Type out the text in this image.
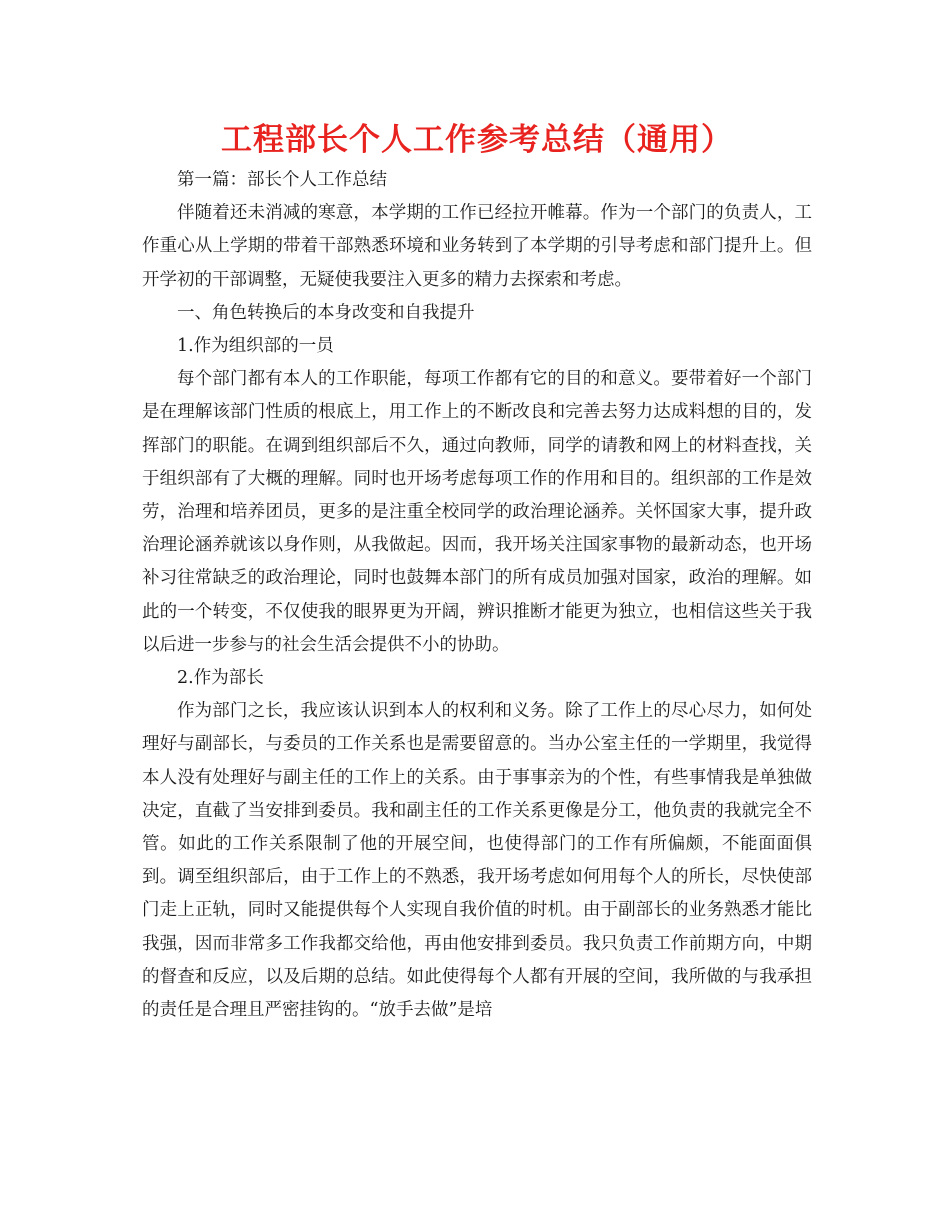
工程部长个人工作参考总结（通用）

第一篇：部长个人工作总结

伴随着还未消减的寒意，本学期的工作已经拉开帷幕。作为一个部门的负责人，工作重心从上学期的带着干部熟悉环境和业务转到了本学期的引导考虑和部门提升上。但开学初的干部调整，无疑使我要注入更多的精力去探索和考虑。

一、角色转换后的本身改变和自我提升

1.作为组织部的一员

每个部门都有本人的工作职能，每项工作都有它的目的和意义。要带着好一个部门是在理解该部门性质的根底上，用工作上的不断改良和完善去努力达成料想的目的，发挥部门的职能。在调到组织部后不久，通过向教师，同学的请教和网上的材料查找，关于组织部有了大概的理解。同时也开场考虑每项工作的作用和目的。组织部的工作是效劳，治理和培养团员，更多的是注重全校同学的政治理论涵养。关怀国家大事，提升政治理论涵养就该以身作则，从我做起。因而，我开场关注国家事物的最新动态，也开场补习往常缺乏的政治理论，同时也鼓舞本部门的所有成员加强对国家，政治的理解。如此的一个转变，不仅使我的眼界更为开阔，辨识推断才能更为独立，也相信这些关于我以后进一步参与的社会生活会提供不小的协助。

2.作为部长

作为部门之长，我应该认识到本人的权利和义务。除了工作上的尽心尽力，如何处理好与副部长，与委员的工作关系也是需要留意的。当办公室主任的一学期里，我觉得本人没有处理好与副主任的工作上的关系。由于事事亲为的个性，有些事情我是单独做决定，直截了当安排到委员。我和副主任的工作关系更像是分工，他负责的我就完全不管。如此的工作关系限制了他的开展空间，也使得部门的工作有所偏颇，不能面面俱到。调至组织部后，由于工作上的不熟悉，我开场考虑如何用每个人的所长，尽快使部门走上正轨，同时又能提供每个人实现自我价值的时机。由于副部长的业务熟悉才能比我强，因而非常多工作我都交给他，再由他安排到委员。我只负责工作前期方向，中期的督查和反应，以及后期的总结。如此使得每个人都有开展的空间，我所做的与我承担的责任是合理且严密挂钩的。“放手去做”是培
